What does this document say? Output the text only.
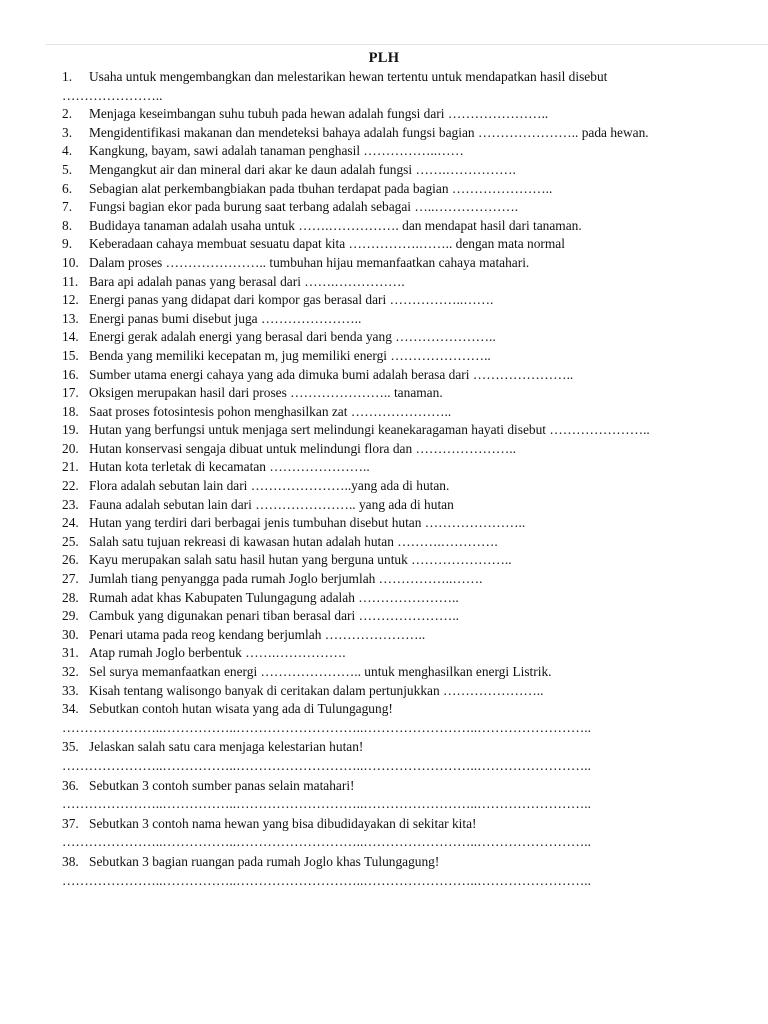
PLH
1.	Usaha untuk mengembangkan dan melestarikan hewan tertentu untuk mendapatkan hasil disebut
…………………..
2.	Menjaga keseimbangan suhu tubuh pada hewan adalah fungsi dari …………………..
3.	Mengidentifikasi makanan dan mendeteksi bahaya adalah fungsi bagian ………………….. pada hewan.
4.	Kangkung, bayam, sawi adalah tanaman penghasil ……………..……
5.	Mengangkut air dan mineral dari akar ke daun adalah fungsi …….…………….
6.	Sebagian alat perkembangbiakan pada tbuhan terdapat pada bagian …………………..
7.	Fungsi bagian ekor pada burung saat terbang adalah sebagai …..……………….
8.	Budidaya tanaman adalah usaha untuk …….……………. dan mendapat hasil dari tanaman.
9.	Keberadaan cahaya membuat sesuatu dapat kita …………….…….. dengan mata normal
10. Dalam proses ………………….. tumbuhan hijau memanfaatkan cahaya matahari.
11. Bara api adalah panas yang berasal dari …….…………….
12. Energi panas yang didapat dari kompor gas berasal dari ……………..…….
13. Energi panas bumi disebut juga …………………..
14. Energi gerak adalah energi yang berasal dari benda yang …………………..
15. Benda yang memiliki kecepatan m, jug memiliki energi …………………..
16. Sumber utama energi cahaya yang ada dimuka bumi adalah berasa dari …………………..
17. Oksigen merupakan hasil dari proses ………………….. tanaman.
18. Saat proses fotosintesis pohon menghasilkan zat …………………..
19. Hutan yang berfungsi untuk menjaga sert melindungi keanekaragaman hayati disebut …………………..
20. Hutan konservasi sengaja dibuat untuk melindungi flora dan …………………..
21. Hutan kota terletak di kecamatan …………………..
22. Flora adalah sebutan lain dari …………………..yang ada di hutan.
23. Fauna adalah sebutan lain dari ………………….. yang ada di hutan
24. Hutan yang terdiri dari berbagai jenis tumbuhan disebut hutan …………………..
25. Salah satu tujuan rekreasi di kawasan hutan adalah hutan ……….………….
26. Kayu merupakan salah satu hasil hutan yang berguna untuk …………………..
27. Jumlah tiang penyangga pada rumah Joglo berjumlah ……………..…….
28. Rumah adat khas Kabupaten Tulungagung adalah …………………..
29. Cambuk yang digunakan penari tiban berasal dari …………………..
30. Penari utama pada reog kendang berjumlah …………………..
31. Atap rumah Joglo berbentuk …….…………….
32. Sel surya memanfaatkan energi ………………….. untuk menghasilkan energi Listrik.
33. Kisah tentang walisongo banyak di ceritakan dalam pertunjukkan …………………..
34. Sebutkan contoh hutan wisata yang ada di Tulungagung!
…………………..……………..………………………..……………………..……………………..
35. Jelaskan salah satu cara menjaga kelestarian hutan!
…………………..……………..………………………..……………………..……………………..
36. Sebutkan 3 contoh sumber panas selain matahari!
…………………..……………..………………………..……………………..……………………..
37. Sebutkan 3 contoh nama hewan yang bisa dibudidayakan di sekitar kita!
…………………..……………..………………………..……………………..……………………..
38. Sebutkan 3 bagian ruangan pada rumah Joglo khas Tulungagung!
…………………..……………..………………………..……………………..……………………..
